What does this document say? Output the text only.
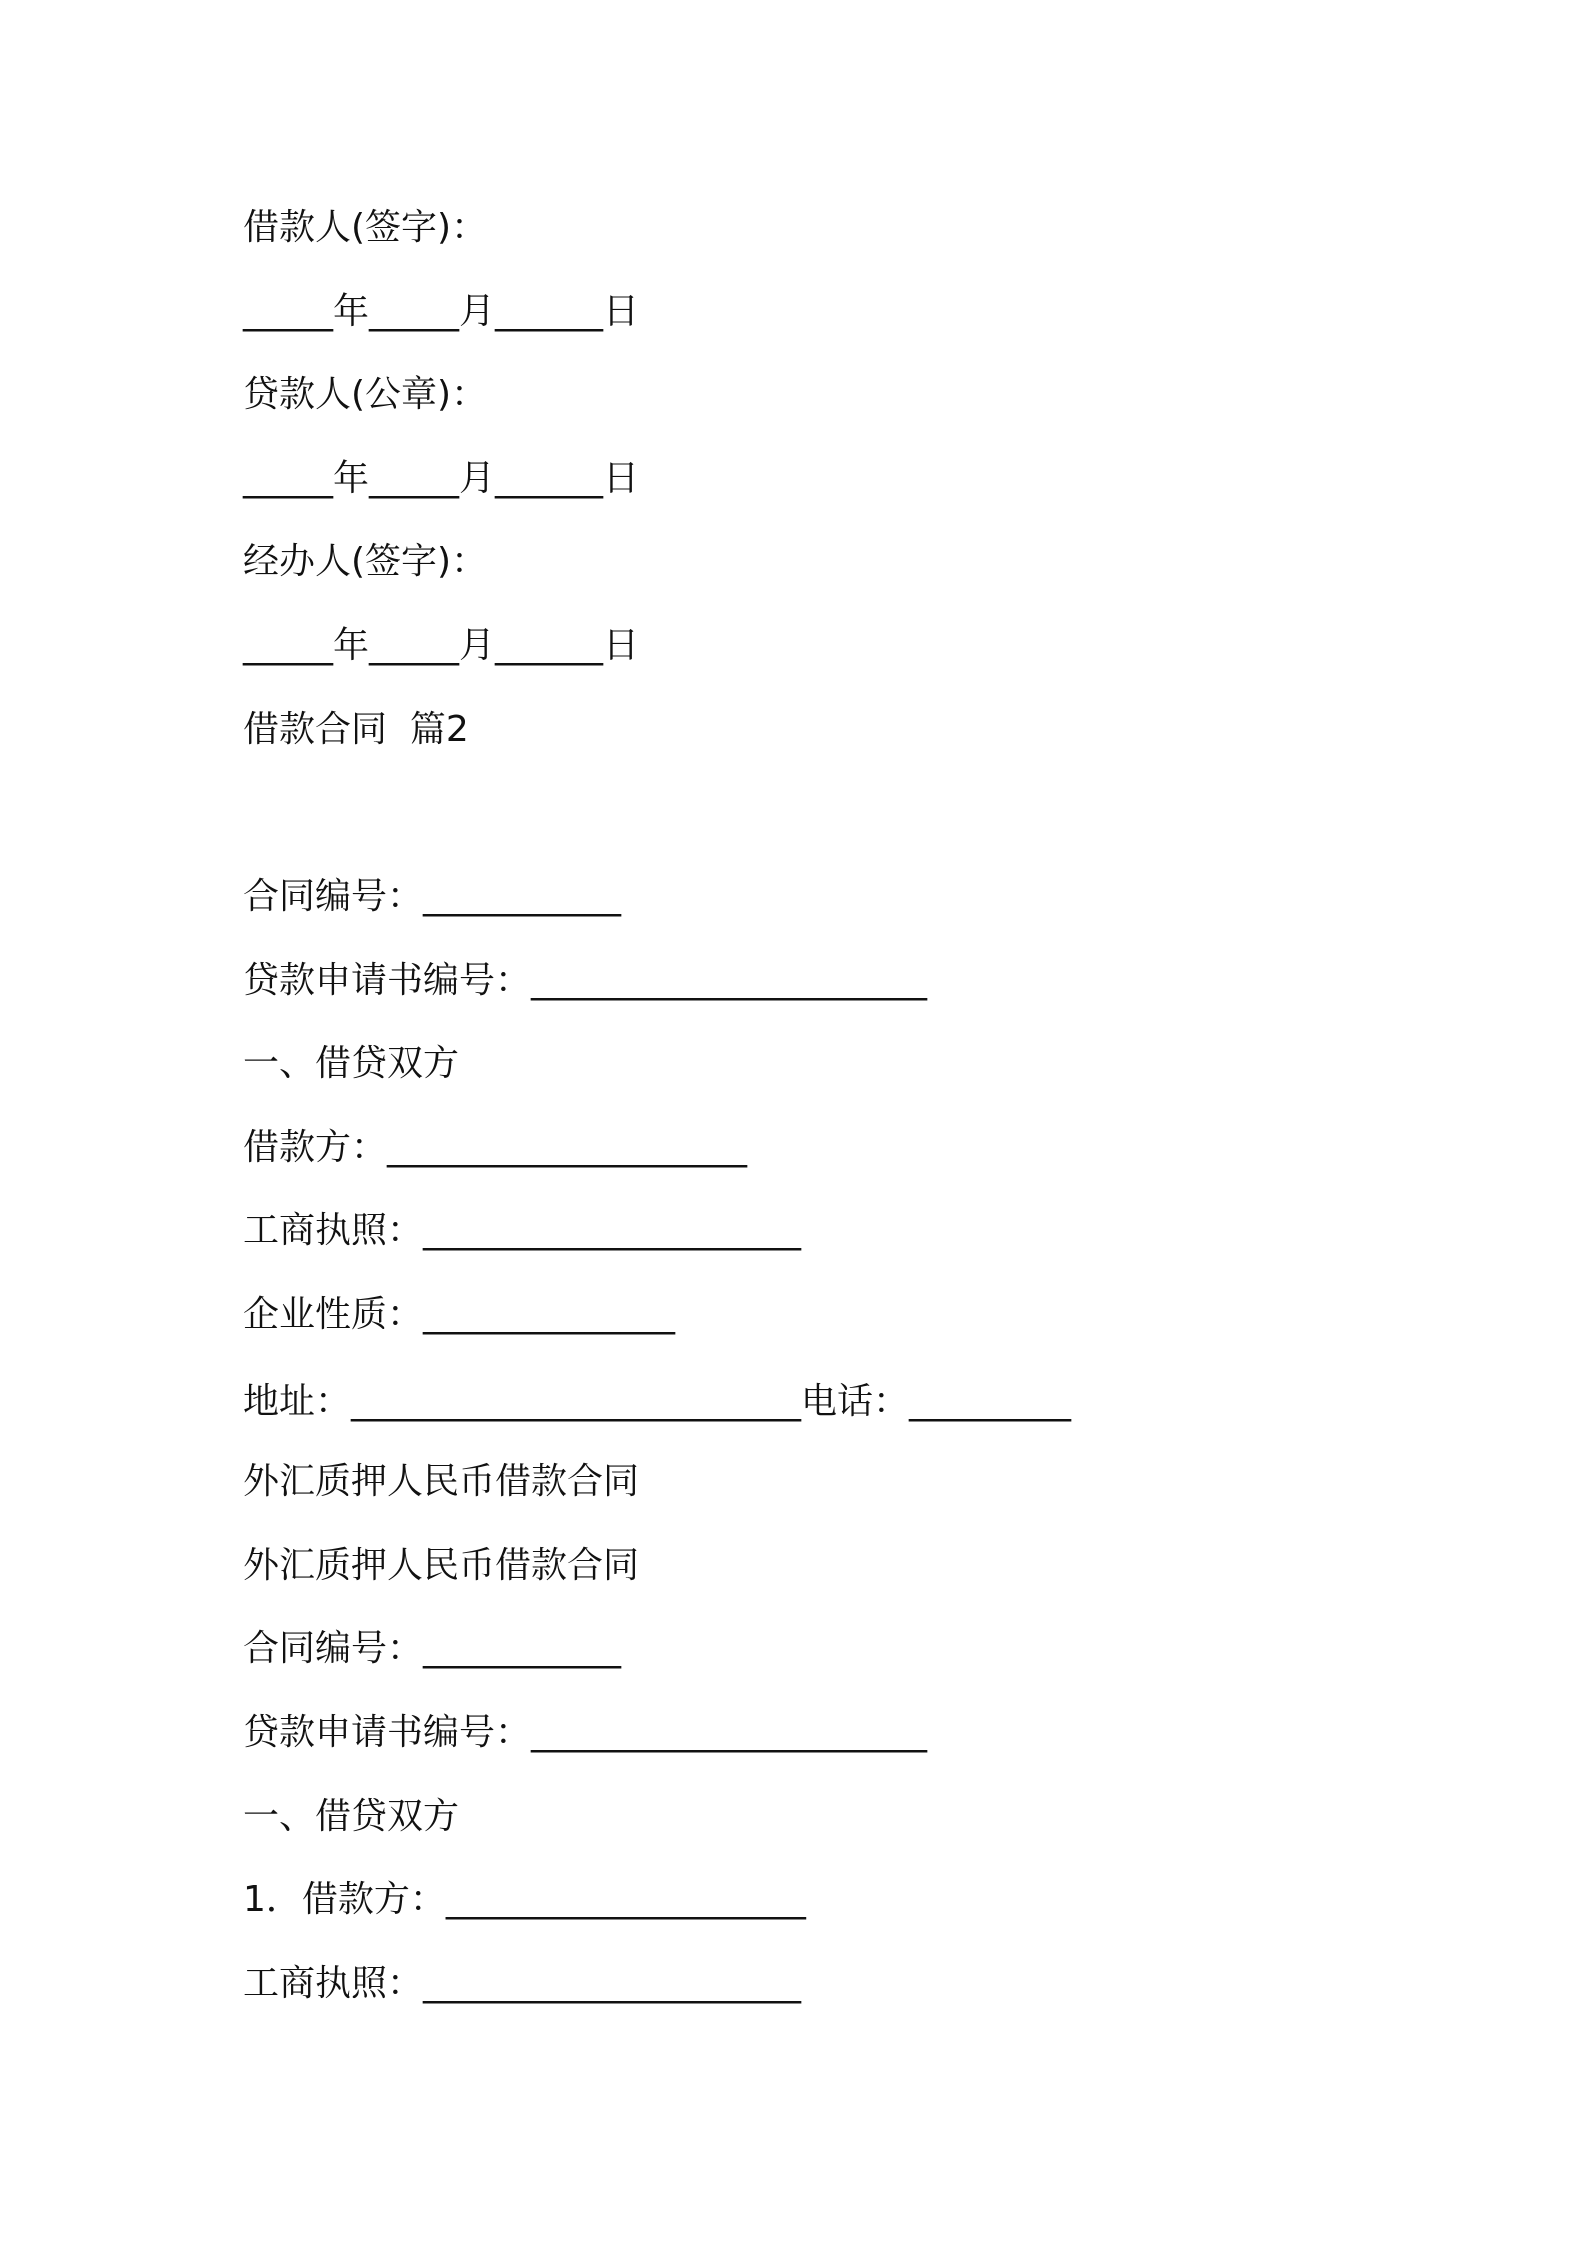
借款人(签字)：
_____年_____月______日
贷款人(公章)：
_____年_____月______日
经办人(签字)：
_____年_____月______日
借款合同  篇2
合同编号：___________
贷款申请书编号：______________________
一、借贷双方
借款方：____________________
工商执照：_____________________
企业性质：______________
地址：_________________________电话：_________
外汇质押人民币借款合同
外汇质押人民币借款合同
合同编号：___________
贷款申请书编号：______________________
一、借贷双方
1．借款方：____________________
工商执照：_____________________
